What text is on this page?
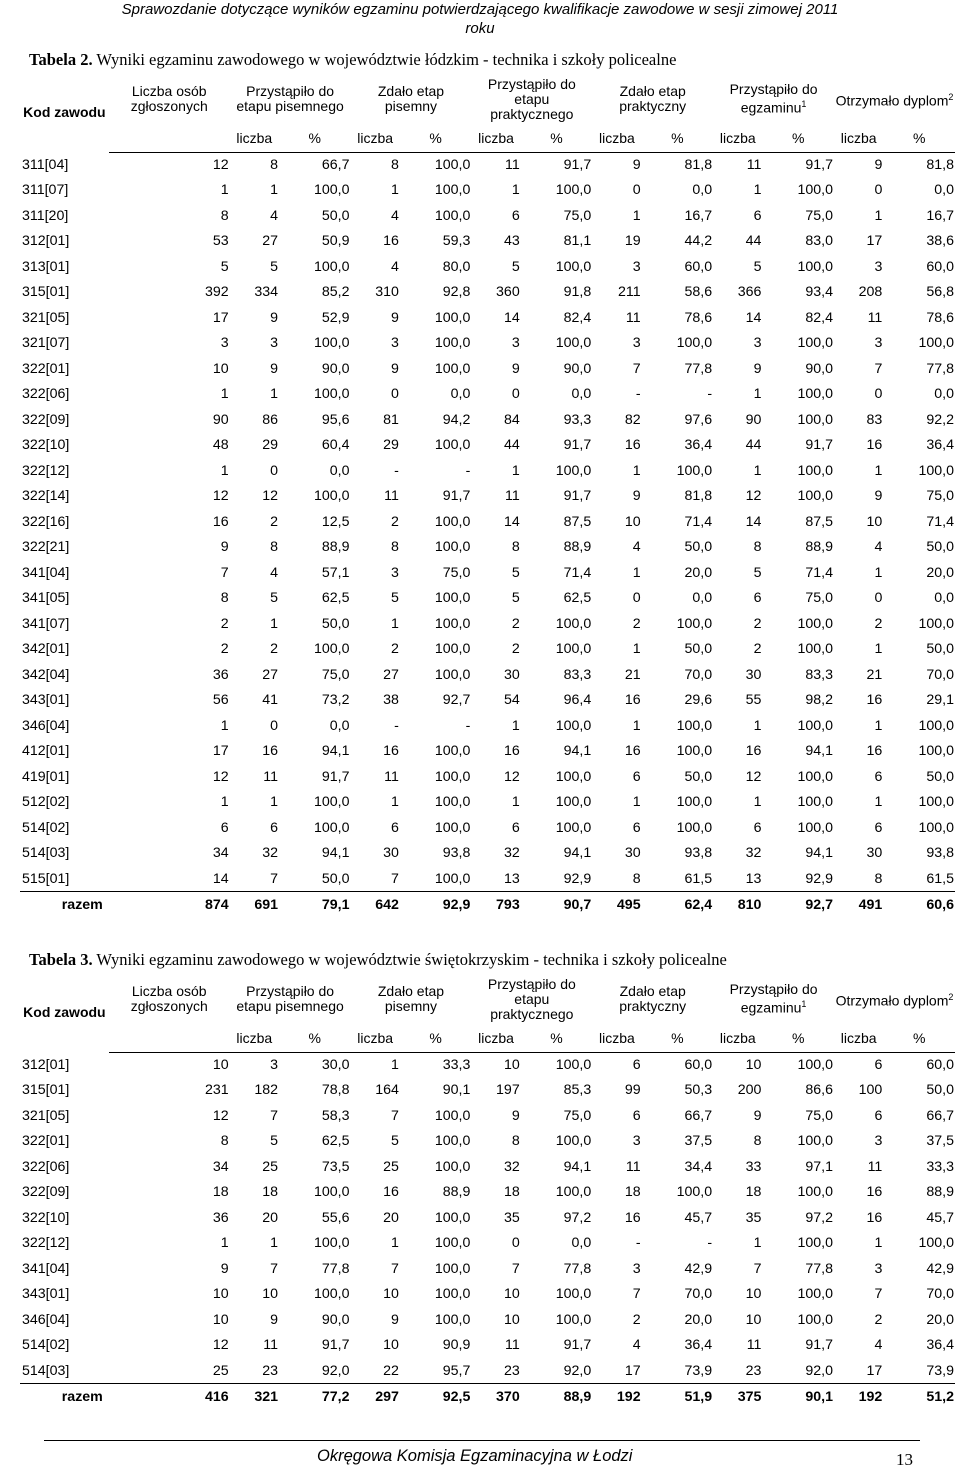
Sprawozdanie dotyczące wyników egzaminu potwierdzającego kwalifikacje zawodowe w sesji zimowej 2011
roku
Tabela 2. Wyniki egzaminu zawodowego w województwie łódzkim - technika i szkoły policealne
Kod zawodu	Liczba osób zgłoszonych	Przystąpiło do etapu pisemnego		Zdało etap pisemny		Przystąpiło do etapu praktycznego		Zdało etap praktyczny		Przystąpiło do egzaminu$^1$		Otrzymało dyplom$^2$
		liczba	%	liczba	%	liczba	%	liczba	%	liczba	%	liczba	%
311[04]	12	8	66,7	8	100,0	11	91,7	9	81,8	11	91,7	9	81,8
311[07]	1	1	100,0	1	100,0	1	100,0	0	0,0	1	100,0	0	0,0
311[20]	8	4	50,0	4	100,0	6	75,0	1	16,7	6	75,0	1	16,7
312[01]	53	27	50,9	16	59,3	43	81,1	19	44,2	44	83,0	17	38,6
313[01]	5	5	100,0	4	80,0	5	100,0	3	60,0	5	100,0	3	60,0
315[01]	392	334	85,2	310	92,8	360	91,8	211	58,6	366	93,4	208	56,8
321[05]	17	9	52,9	9	100,0	14	82,4	11	78,6	14	82,4	11	78,6
321[07]	3	3	100,0	3	100,0	3	100,0	3	100,0	3	100,0	3	100,0
322[01]	10	9	90,0	9	100,0	9	90,0	7	77,8	9	90,0	7	77,8
322[06]	1	1	100,0	0	0,0	0	0,0	-	-	1	100,0	0	0,0
322[09]	90	86	95,6	81	94,2	84	93,3	82	97,6	90	100,0	83	92,2
322[10]	48	29	60,4	29	100,0	44	91,7	16	36,4	44	91,7	16	36,4
322[12]	1	0	0,0	-	-	1	100,0	1	100,0	1	100,0	1	100,0
322[14]	12	12	100,0	11	91,7	11	91,7	9	81,8	12	100,0	9	75,0
322[16]	16	2	12,5	2	100,0	14	87,5	10	71,4	14	87,5	10	71,4
322[21]	9	8	88,9	8	100,0	8	88,9	4	50,0	8	88,9	4	50,0
341[04]	7	4	57,1	3	75,0	5	71,4	1	20,0	5	71,4	1	20,0
341[05]	8	5	62,5	5	100,0	5	62,5	0	0,0	6	75,0	0	0,0
341[07]	2	1	50,0	1	100,0	2	100,0	2	100,0	2	100,0	2	100,0
342[01]	2	2	100,0	2	100,0	2	100,0	1	50,0	2	100,0	1	50,0
342[04]	36	27	75,0	27	100,0	30	83,3	21	70,0	30	83,3	21	70,0
343[01]	56	41	73,2	38	92,7	54	96,4	16	29,6	55	98,2	16	29,1
346[04]	1	0	0,0	-	-	1	100,0	1	100,0	1	100,0	1	100,0
412[01]	17	16	94,1	16	100,0	16	94,1	16	100,0	16	94,1	16	100,0
419[01]	12	11	91,7	11	100,0	12	100,0	6	50,0	12	100,0	6	50,0
512[02]	1	1	100,0	1	100,0	1	100,0	1	100,0	1	100,0	1	100,0
514[02]	6	6	100,0	6	100,0	6	100,0	6	100,0	6	100,0	6	100,0
514[03]	34	32	94,1	30	93,8	32	94,1	30	93,8	32	94,1	30	93,8
515[01]	14	7	50,0	7	100,0	13	92,9	8	61,5	13	92,9	8	61,5
razem	874	691	79,1	642	92,9	793	90,7	495	62,4	810	92,7	491	60,6
Tabela 3. Wyniki egzaminu zawodowego w województwie świętokrzyskim - technika i szkoły policealne
Kod zawodu	Liczba osób zgłoszonych	Przystąpiło do etapu pisemnego		Zdało etap pisemny		Przystąpiło do etapu praktycznego		Zdało etap praktyczny		Przystąpiło do egzaminu$^1$		Otrzymało dyplom$^2$
		liczba	%	liczba	%	liczba	%	liczba	%	liczba	%	liczba	%
312[01]	10	3	30,0	1	33,3	10	100,0	6	60,0	10	100,0	6	60,0
315[01]	231	182	78,8	164	90,1	197	85,3	99	50,3	200	86,6	100	50,0
321[05]	12	7	58,3	7	100,0	9	75,0	6	66,7	9	75,0	6	66,7
322[01]	8	5	62,5	5	100,0	8	100,0	3	37,5	8	100,0	3	37,5
322[06]	34	25	73,5	25	100,0	32	94,1	11	34,4	33	97,1	11	33,3
322[09]	18	18	100,0	16	88,9	18	100,0	18	100,0	18	100,0	16	88,9
322[10]	36	20	55,6	20	100,0	35	97,2	16	45,7	35	97,2	16	45,7
322[12]	1	1	100,0	1	100,0	0	0,0	-	-	1	100,0	1	100,0
341[04]	9	7	77,8	7	100,0	7	77,8	3	42,9	7	77,8	3	42,9
343[01]	10	10	100,0	10	100,0	10	100,0	7	70,0	10	100,0	7	70,0
346[04]	10	9	90,0	9	100,0	10	100,0	2	20,0	10	100,0	2	20,0
514[02]	12	11	91,7	10	90,9	11	91,7	4	36,4	11	91,7	4	36,4
514[03]	25	23	92,0	22	95,7	23	92,0	17	73,9	23	92,0	17	73,9
razem	416	321	77,2	297	92,5	370	88,9	192	51,9	375	90,1	192	51,2
Okręgowa Komisja Egzaminacyjna w Łodzi	13
